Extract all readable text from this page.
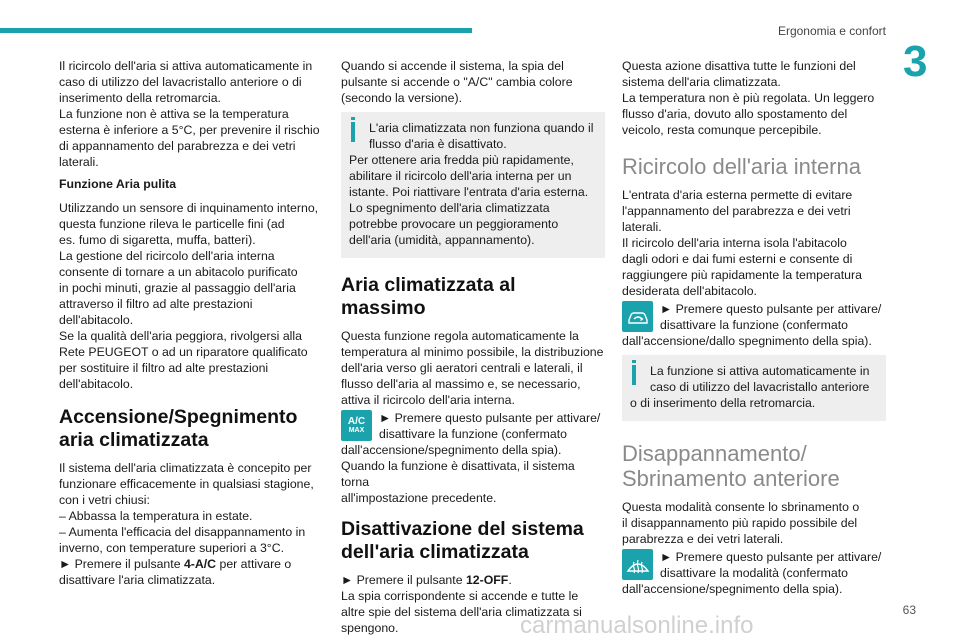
Ergonomia e confort
3
Il ricircolo dell'aria si attiva automaticamente in
caso di utilizzo del lavacristallo anteriore o di
inserimento della retromarcia.
La funzione non è attiva se la temperatura
esterna è inferiore a 5°C, per prevenire il rischio
di appannamento del parabrezza e dei vetri
laterali.
Funzione Aria pulita
Utilizzando un sensore di inquinamento interno,
questa funzione rileva le particelle fini (ad
es. fumo di sigaretta, muffa, batteri).
La gestione del ricircolo dell'aria interna
consente di tornare a un abitacolo purificato
in pochi minuti, grazie al passaggio dell'aria
attraverso il filtro ad alte prestazioni
dell'abitacolo.
Se la qualità dell'aria peggiora, rivolgersi alla
Rete PEUGEOT o ad un riparatore qualificato
per sostituire il filtro ad alte prestazioni
dell'abitacolo.
Accensione/Spegnimento
aria climatizzata
Il sistema dell'aria climatizzata è concepito per
funzionare efficacemente in qualsiasi stagione,
con i vetri chiusi:
– Abbassa la temperatura in estate.
– Aumenta l'efficacia del disappannamento in
inverno, con temperature superiori a 3°C.
► Premere il pulsante 4-A/C per attivare o
disattivare l'aria climatizzata.
Quando si accende il sistema, la spia del
pulsante si accende o "A/C" cambia colore
(secondo la versione).
L'aria climatizzata non funziona quando il
flusso d'aria è disattivato.
Per ottenere aria fredda più rapidamente,
abilitare il ricircolo dell'aria interna per un
istante. Poi riattivare l'entrata d'aria esterna.
Lo spegnimento dell'aria climatizzata
potrebbe provocare un peggioramento
dell'aria (umidità, appannamento).
Aria climatizzata al massimo
Questa funzione regola automaticamente la
temperatura al minimo possibile, la distribuzione
dell'aria verso gli aeratori centrali e laterali, il
flusso dell'aria al massimo e, se necessario,
attiva il ricircolo dell'aria interna.
A/C
MAX
► Premere questo pulsante per attivare/
disattivare la funzione (confermato
dall'accensione/spegnimento della spia).
Quando la funzione è disattivata, il sistema torna
all'impostazione precedente.
Disattivazione del sistema
dell'aria climatizzata
► Premere il pulsante 12-OFF.
La spia corrispondente si accende e tutte le
altre spie del sistema dell'aria climatizzata si
spengono.
Questa azione disattiva tutte le funzioni del
sistema dell'aria climatizzata.
La temperatura non è più regolata. Un leggero
flusso d'aria, dovuto allo spostamento del
veicolo, resta comunque percepibile.
Ricircolo dell'aria interna
L'entrata d'aria esterna permette di evitare
l'appannamento del parabrezza e dei vetri
laterali.
Il ricircolo dell'aria interna isola l'abitacolo
dagli odori e dai fumi esterni e consente di
raggiungere più rapidamente la temperatura
desiderata dell'abitacolo.
► Premere questo pulsante per attivare/
disattivare la funzione (confermato
dall'accensione/dallo spegnimento della spia).
La funzione si attiva automaticamente in
caso di utilizzo del lavacristallo anteriore
o di inserimento della retromarcia.
Disappannamento/
Sbrinamento anteriore
Questa modalità consente lo sbrinamento o
il disappannamento più rapido possibile del
parabrezza e dei vetri laterali.
► Premere questo pulsante per attivare/
disattivare la modalità (confermato
dall'accensione/spegnimento della spia).
63
carmanualsonline.info
